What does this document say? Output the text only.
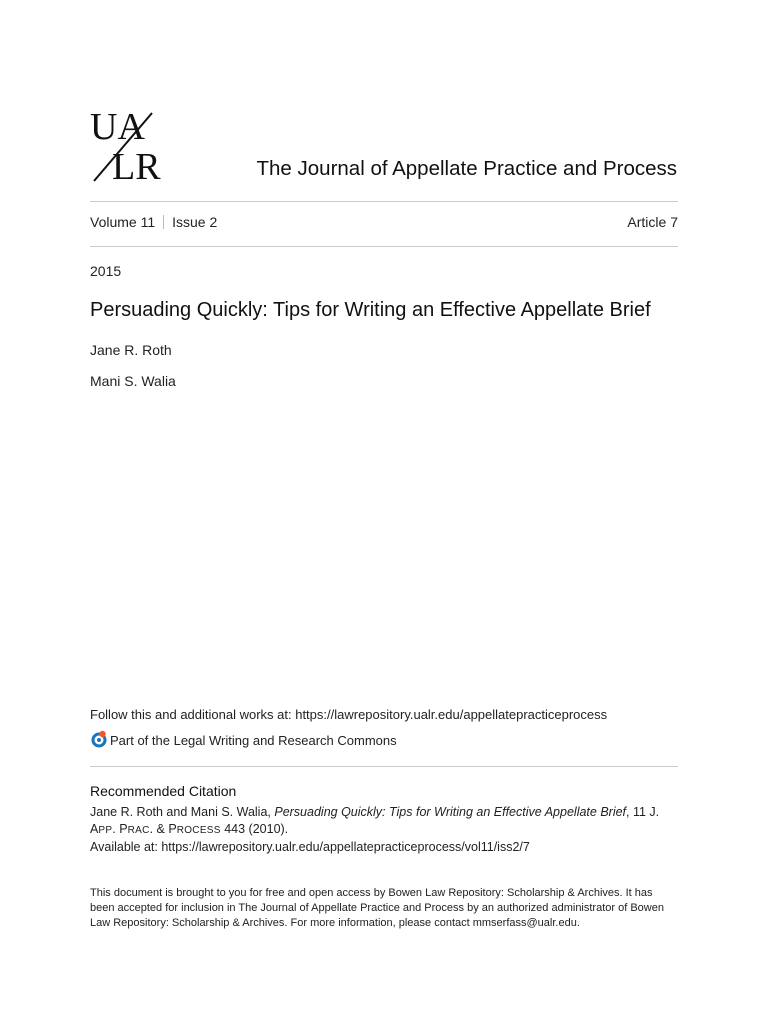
UA
LR	The Journal of Appellate Practice and Process
Volume 11 Issue 2	Article 7
2015
Persuading Quickly: Tips for Writing an Effective Appellate Brief
Jane R. Roth
Mani S. Walia
Follow this and additional works at: https://lawrepository.ualr.edu/appellatepracticeprocess
Part of the Legal Writing and Research Commons
Recommended Citation
Jane R. Roth and Mani S. Walia, Persuading Quickly: Tips for Writing an Effective Appellate Brief, 11 J.
APP. PRAC. & PROCESS 443 (2010).
Available at: https://lawrepository.ualr.edu/appellatepracticeprocess/vol11/iss2/7
This document is brought to you for free and open access by Bowen Law Repository: Scholarship & Archives. It has been accepted for inclusion in The Journal of Appellate Practice and Process by an authorized administrator of Bowen Law Repository: Scholarship & Archives. For more information, please contact mmserfass@ualr.edu.
